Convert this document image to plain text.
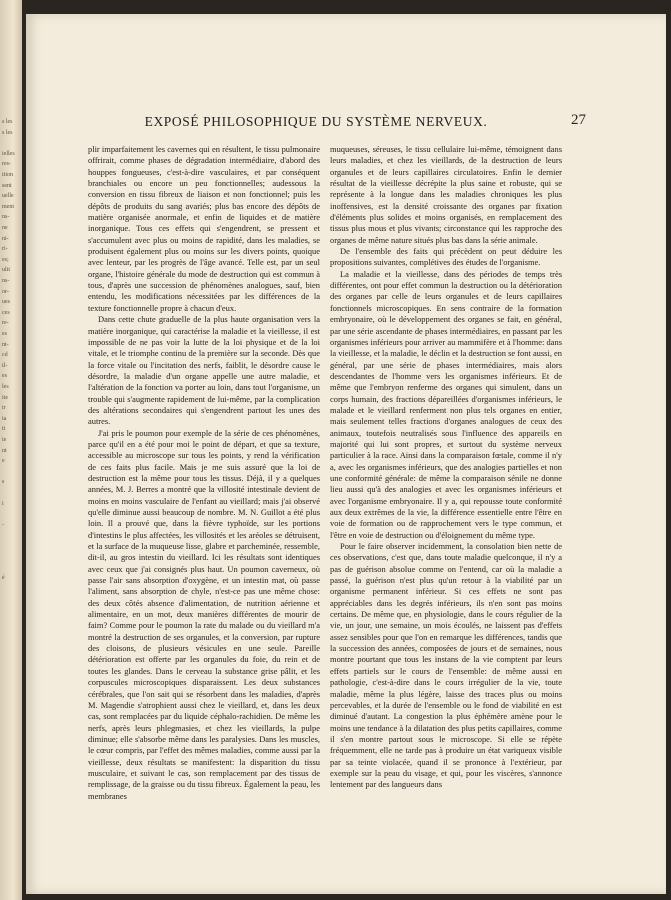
s les
s les
ielles
res-
ition
sent
uelle
ment
ns-
ne
ni-
ri-
es;
ulit
ns-
or-
ues
ces
re-
es
nt-
cd
il-
es
les
ite
ir
ia
ti
ie
nt
e
s
i
-
é
EXPOSÉ PHILOSOPHIQUE DU SYSTÈME NERVEUX.	27

plir imparfaitement les cavernes qui en résultent, le tissu pulmonaire offrirait, comme phases de dégradation intermédiaire, d'abord des houppes fongueuses, c'est-à-dire vasculaires, et par conséquent branchiales ou encore un peu fonctionnelles; audessous la conversion en tissu fibreux de liaison et non fonctionnel; puis les dépôts de produits du sang avariés; plus bas encore des dépôts de matière organisée anormale, et enfin de liquides et de matière inorganique. Tous ces effets qui s'engendrent, se pressent et s'accumulent avec plus ou moins de rapidité, dans les maladies, se produisent également plus ou moins sur les divers points, quoique avec lenteur, par les progrès de l'âge avancé. Telle est, par un seul organe, l'histoire générale du mode de destruction qui est commun à tous, d'après une succession de phénomènes analogues, sauf, bien entendu, les modifications nécessitées par les différences de la texture fonctionnelle propre à chacun d'eux.

Dans cette chute graduelle de la plus haute organisation vers la matière inorganique, qui caractérise la maladie et la vieillesse, il est impossible de ne pas voir la lutte de la loi physique et de la loi vitale, et le triomphe continu de la première sur la seconde. Dès que la force vitale ou l'incitation des nerfs, faiblit, le désordre cause le désordre, la maladie d'un organe appelle une autre maladie, et l'altération de la fonction va porter au loin, dans tout l'organisme, un trouble qui s'augmente rapidement de lui-même, par la complication des altérations secondaires qui s'engendrent partout les unes des autres.

J'ai pris le poumon pour exemple de la série de ces phénomènes, parce qu'il en a été pour moi le point de départ, et que sa texture, accessible au microscope sur tous les points, y rend la vérification de ces faits plus facile. Mais je me suis assuré que la loi de destruction est la même pour tous les tissus. Déjà, il y a quelques années, M. J. Berres a montré que la villosité intestinale devient de moins en moins vasculaire de l'enfant au vieillard; mais j'ai observé qu'elle diminue aussi beaucoup de nombre. M. N. Guillot a été plus loin. Il a prouvé que, dans la fièvre typhoïde, sur les portions d'intestins le plus affectées, les villosités et les aréoles se détruisent, et la surface de la muqueuse lisse, glabre et parcheminée, ressemble, dit-il, au gros intestin du vieillard. Ici les résultats sont identiques avec ceux que j'ai consignés plus haut. Un poumon caverneux, où passe l'air sans absorption d'oxygène, et un intestin mat, où passe l'aliment, sans absorption de chyle, n'est-ce pas une même chose: des deux côtés absence d'alimentation, de nutrition aérienne et alimentaire, en un mot, deux manières différentes de mourir de faim? Comme pour le poumon la rate du malade ou du vieillard m'a montré la destruction de ses organules, et la conversion, par rupture des cloisons, de plusieurs vésicules en une seule. Pareille détérioration est offerte par les organules du foie, du rein et de toutes les glandes. Dans le cerveau la substance grise pâlit, et les corpuscules microscopiques disparaissent. Les deux substances cérébrales, que l'on sait qui se résorbent dans les maladies, d'après M. Magendie s'atrophient aussi chez le vieillard, et, dans les deux cas, sont remplacées par du liquide céphalo-rachidien. De même les nerfs, après leurs phlegmasies, et chez les vieillards, la pulpe diminue; elle s'absorbe même dans les paralysies. Dans les muscles, le cœur compris, par l'effet des mêmes maladies, comme aussi par la vieillesse, deux résultats se manifestent: la disparition du tissu musculaire, et suivant le cas, son remplacement par des tissus de remplissage, de la graisse ou du tissu fibreux. Également la peau, les membranes

muqueuses, séreuses, le tissu cellulaire lui-même, témoignent dans leurs maladies, et chez les vieillards, de la destruction de leurs organules et de leurs capillaires circulatoires. Enfin le dernier résultat de la vieillesse décrépite la plus saine et robuste, qui se représente à la longue dans les maladies chroniques les plus inoffensives, est la densité croissante des organes par fixation d'éléments plus solides et moins organisés, en remplacement des tissus plus mous et plus vivants; circonstance qui les rapproche des organes de même nature situés plus bas dans la série animale.

De l'ensemble des faits qui précèdent on peut déduire les propositions suivantes, complétives des études de l'organisme.

La maladie et la vieillesse, dans des périodes de temps très différentes, ont pour effet commun la destruction ou la détérioration des organes par celle de leurs organules et de leurs capillaires fonctionnels microscopiques. En sens contraire de la formation embryonaire, où le développement des organes se fait, en général, par une série ascendante de phases intermédiaires, en passant par les organismes inférieurs pour arriver au mammifère et à l'homme: dans la vieillesse, et la maladie, le déclin et la destruction se font aussi, en général, par une série de phases intermédiaires, mais alors descendantes de l'homme vers les organismes inférieurs. Et de même que l'embryon renferme des organes qui simulent, dans un corps humain, des fractions dépareillées d'organismes inférieurs, le malade et le vieillard renferment non plus tels organes en entier, mais seulement telles fractions d'organes analogues de ceux des animaux, toutefois neutralisés sous l'influence des appareils en majorité qui lui sont propres, et surtout du système nerveux particulier à la race. Ainsi dans la comparaison fœtale, comme il n'y a, avec les organismes inférieurs, que des analogies partielles et non une conformité générale: de même la comparaison sénile ne donne lieu aussi qu'à des analogies et avec les organismes inférieurs et avec l'organisme embryonaire. Il y a, qui repousse toute conformité aux deux extrêmes de la vie, la différence essentielle entre l'être en voie de formation ou de rapprochement vers le type commun, et l'être en voie de destruction ou d'éloignement du même type.

Pour le faire observer incidemment, la consolation bien nette de ces observations, c'est que, dans toute maladie quelconque, il n'y a pas de guérison absolue comme on l'entend, car où la maladie a passé, la guérison n'est plus qu'un retour à la viabilité par un organisme permanent inférieur. Si ces effets ne sont pas appréciables dans les degrés inférieurs, ils n'en sont pas moins certains. De même que, en physiologie, dans le cours régulier de la vie, un jour, une semaine, un mois écoulés, ne laissent pas d'effets assez sensibles pour que l'on en remarque les différences, tandis que la succession des années, composées de jours et de semaines, nous montre pourtant que tous les instans de la vie comptent par leurs effets partiels sur le cours de l'ensemble: de même aussi en pathologie, c'est-à-dire dans le cours irrégulier de la vie, toute maladie, même la plus légère, laisse des traces plus ou moins percevables, et la durée de l'ensemble ou le fond de viabilité en est diminué d'autant. La congestion la plus éphémère amène pour le moins une tendance à la dilatation des plus petits capillaires, comme il s'en montre partout sous le microscope. Si elle se répète fréquemment, elle ne tarde pas à produire un état variqueux visible par sa teinte violacée, quand il se prononce à l'extérieur, par exemple sur la peau du visage, et qui, pour les viscères, s'annonce lentement par des langueurs dans
